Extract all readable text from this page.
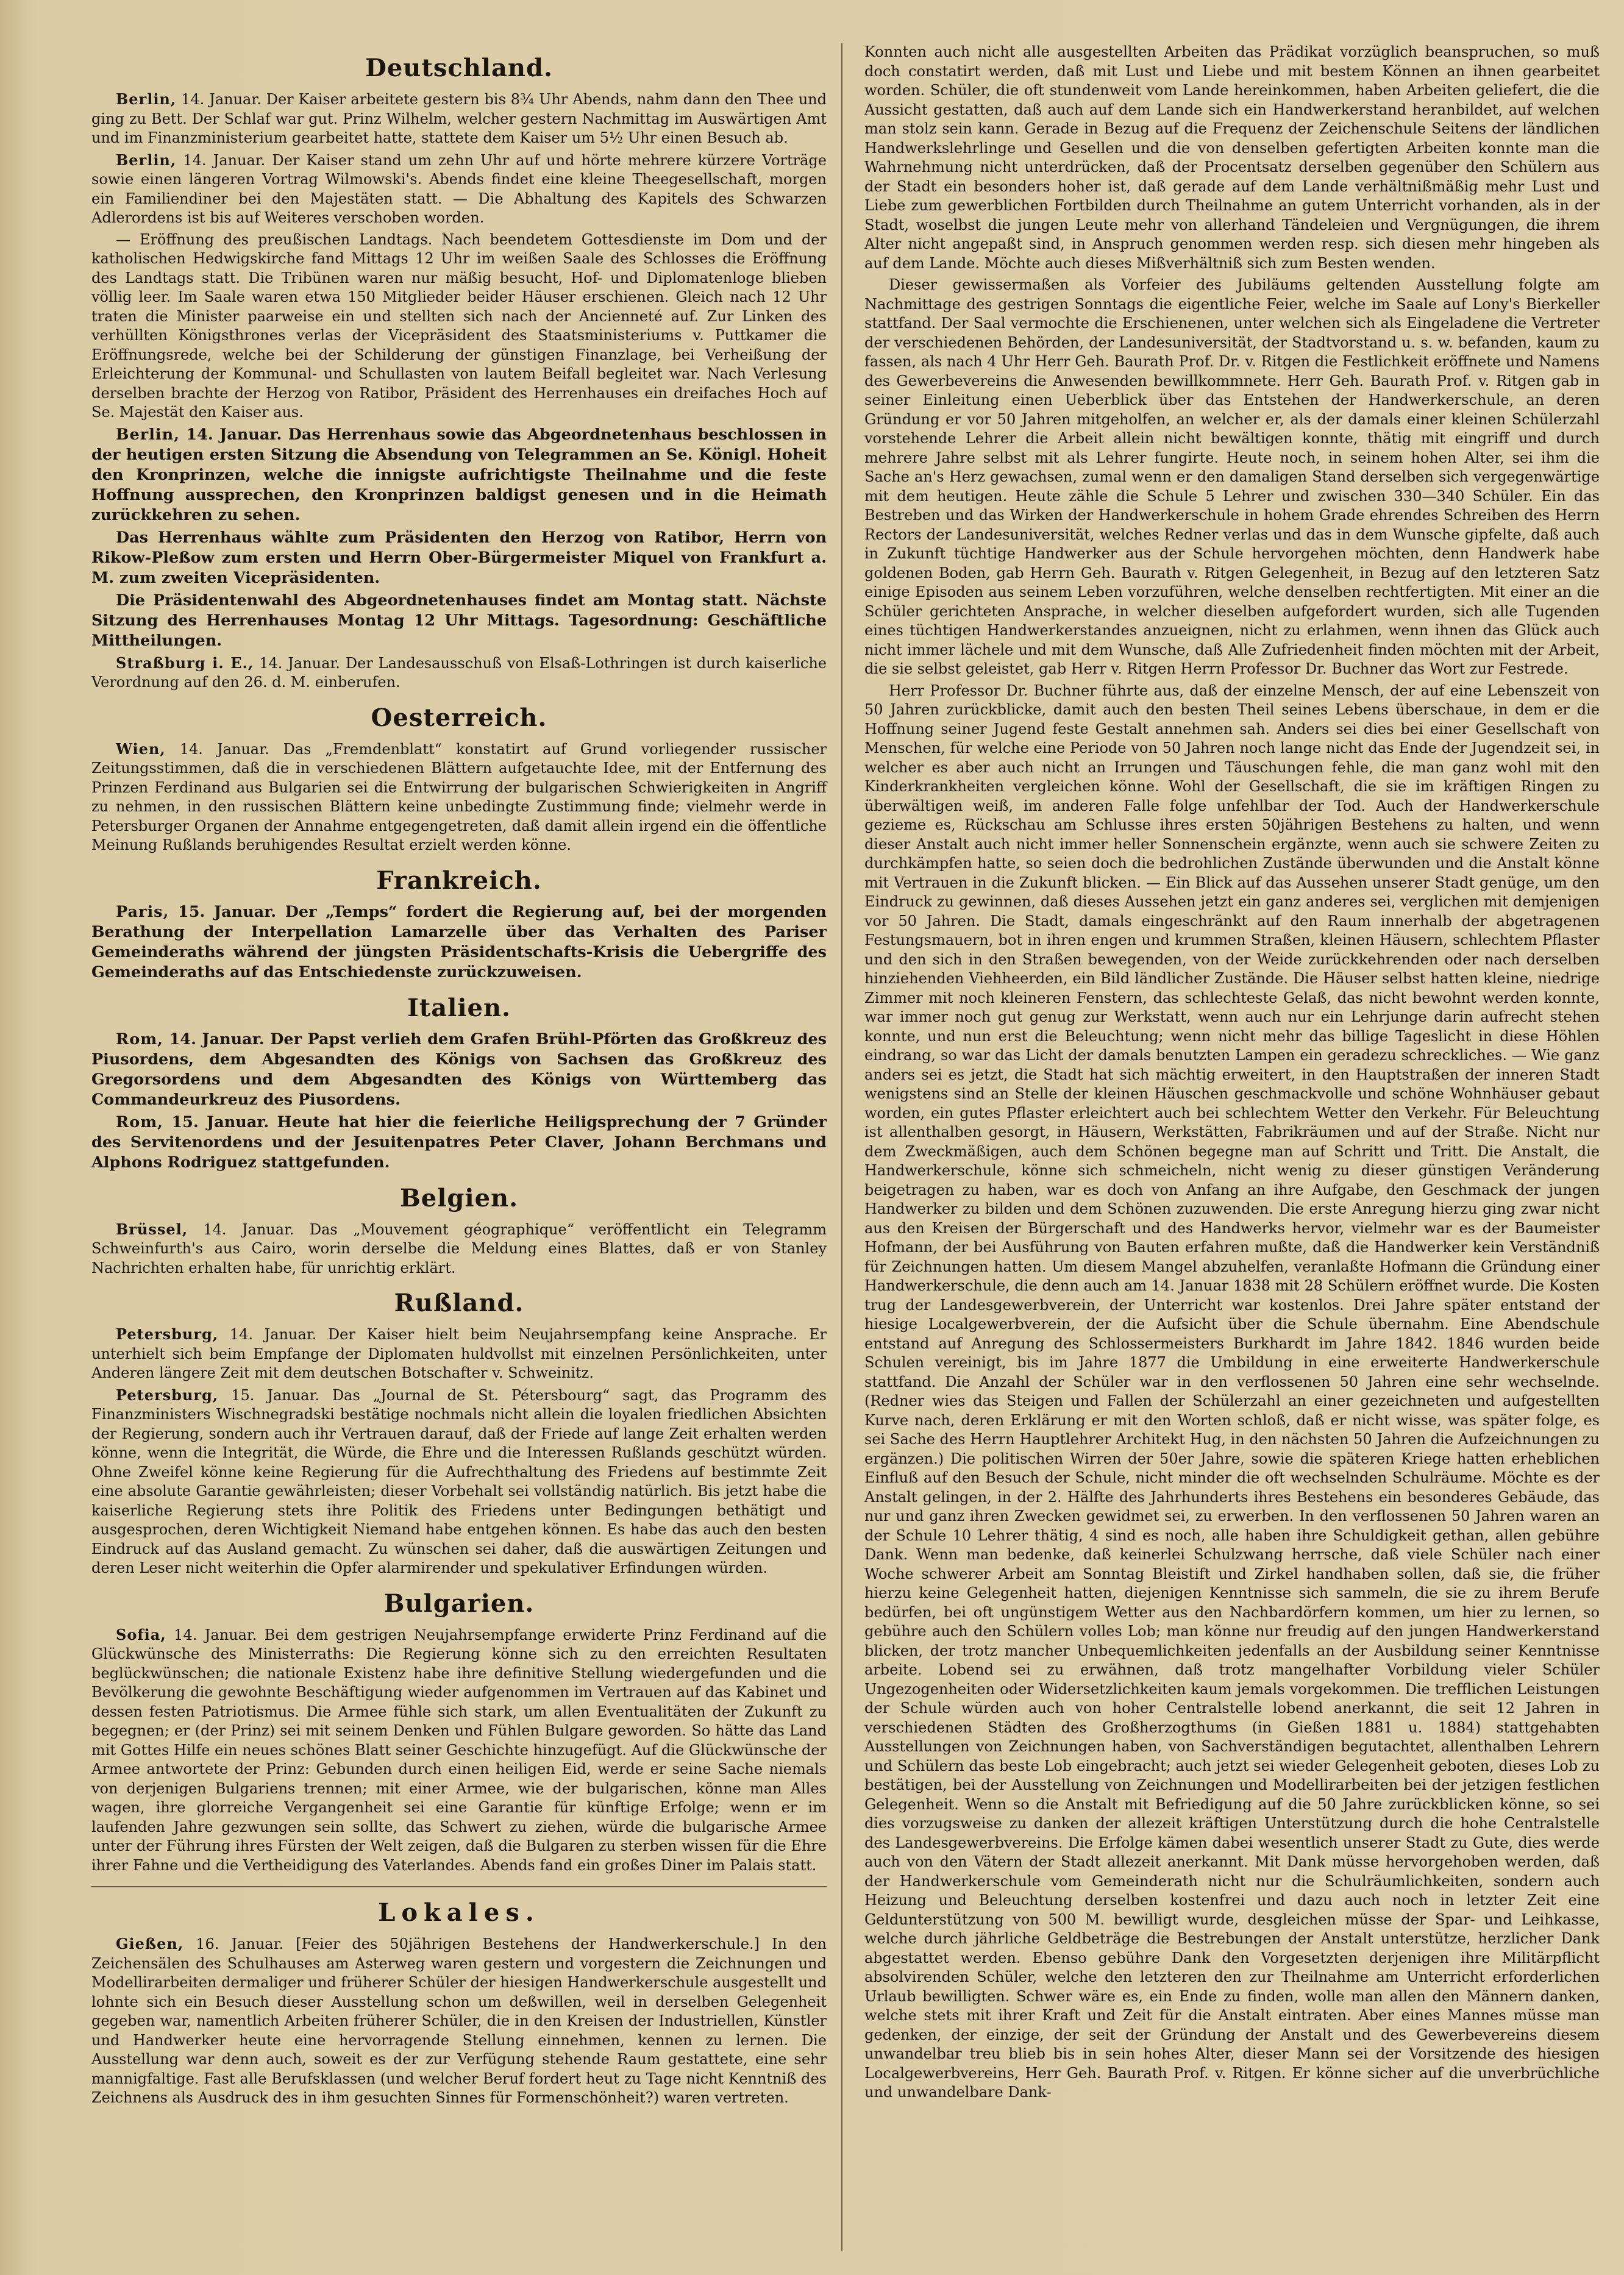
Deutschland.

Berlin, 14. Januar. Der Kaiser arbeitete gestern bis 8¾ Uhr Abends, nahm dann den Thee und ging zu Bett. Der Schlaf war gut. Prinz Wilhelm, welcher gestern Nachmittag im Auswärtigen Amt und im Finanzministerium gearbeitet hatte, stattete dem Kaiser um 5½ Uhr einen Besuch ab.

Berlin, 14. Januar. Der Kaiser stand um zehn Uhr auf und hörte mehrere kürzere Vorträge sowie einen längeren Vortrag Wilmowski's. Abends findet eine kleine Theegesellschaft, morgen ein Familiendiner bei den Majestäten statt. — Die Abhaltung des Kapitels des Schwarzen Adlerordens ist bis auf Weiteres verschoben worden.

— Eröffnung des preußischen Landtags. Nach beendetem Gottesdienste im Dom und der katholischen Hedwigskirche fand Mittags 12 Uhr im weißen Saale des Schlosses die Eröffnung des Landtags statt. Die Tribünen waren nur mäßig besucht, Hof- und Diplomatenloge blieben völlig leer. Im Saale waren etwa 150 Mitglieder beider Häuser erschienen. Gleich nach 12 Uhr traten die Minister paarweise ein und stellten sich nach der Ancienneté auf. Zur Linken des verhüllten Königsthrones verlas der Vicepräsident des Staatsministeriums v. Puttkamer die Eröffnungsrede, welche bei der Schilderung der günstigen Finanzlage, bei Verheißung der Erleichterung der Kommunal- und Schullasten von lautem Beifall begleitet war. Nach Verlesung derselben brachte der Herzog von Ratibor, Präsident des Herrenhauses ein dreifaches Hoch auf Se. Majestät den Kaiser aus.

Berlin, 14. Januar. Das Herrenhaus sowie das Abgeordnetenhaus beschlossen in der heutigen ersten Sitzung die Absendung von Telegrammen an Se. Königl. Hoheit den Kronprinzen, welche die innigste aufrichtigste Theilnahme und die feste Hoffnung aussprechen, den Kronprinzen baldigst genesen und in die Heimath zurückkehren zu sehen.

Das Herrenhaus wählte zum Präsidenten den Herzog von Ratibor, Herrn von Rikow-Pleßow zum ersten und Herrn Ober-Bürgermeister Miquel von Frankfurt a. M. zum zweiten Vicepräsidenten.

Die Präsidentenwahl des Abgeordnetenhauses findet am Montag statt. Nächste Sitzung des Herrenhauses Montag 12 Uhr Mittags. Tagesordnung: Geschäftliche Mittheilungen.

Straßburg i. E., 14. Januar. Der Landesausschuß von Elsaß-Lothringen ist durch kaiserliche Verordnung auf den 26. d. M. einberufen.

Oesterreich.

Wien, 14. Januar. Das „Fremdenblatt“ konstatirt auf Grund vorliegender russischer Zeitungsstimmen, daß die in verschiedenen Blättern aufgetauchte Idee, mit der Entfernung des Prinzen Ferdinand aus Bulgarien sei die Entwirrung der bulgarischen Schwierigkeiten in Angriff zu nehmen, in den russischen Blättern keine unbedingte Zustimmung finde; vielmehr werde in Petersburger Organen der Annahme entgegengetreten, daß damit allein irgend ein die öffentliche Meinung Rußlands beruhigendes Resultat erzielt werden könne.

Frankreich.

Paris, 15. Januar. Der „Temps“ fordert die Regierung auf, bei der morgenden Berathung der Interpellation Lamarzelle über das Verhalten des Pariser Gemeinderaths während der jüngsten Präsidentschafts-Krisis die Uebergriffe des Gemeinderaths auf das Entschiedenste zurückzuweisen.

Italien.

Rom, 14. Januar. Der Papst verlieh dem Grafen Brühl-Pförten das Großkreuz des Piusordens, dem Abgesandten des Königs von Sachsen das Großkreuz des Gregorsordens und dem Abgesandten des Königs von Württemberg das Commandeurkreuz des Piusordens.

Rom, 15. Januar. Heute hat hier die feierliche Heiligsprechung der 7 Gründer des Servitenordens und der Jesuitenpatres Peter Claver, Johann Berchmans und Alphons Rodriguez stattgefunden.

Belgien.

Brüssel, 14. Januar. Das „Mouvement géographique“ veröffentlicht ein Telegramm Schweinfurth's aus Cairo, worin derselbe die Meldung eines Blattes, daß er von Stanley Nachrichten erhalten habe, für unrichtig erklärt.

Rußland.

Petersburg, 14. Januar. Der Kaiser hielt beim Neujahrsempfang keine Ansprache. Er unterhielt sich beim Empfange der Diplomaten huldvollst mit einzelnen Persönlichkeiten, unter Anderen längere Zeit mit dem deutschen Botschafter v. Schweinitz.

Petersburg, 15. Januar. Das „Journal de St. Pétersbourg“ sagt, das Programm des Finanzministers Wischnegradski bestätige nochmals nicht allein die loyalen friedlichen Absichten der Regierung, sondern auch ihr Vertrauen darauf, daß der Friede auf lange Zeit erhalten werden könne, wenn die Integrität, die Würde, die Ehre und die Interessen Rußlands geschützt würden. Ohne Zweifel könne keine Regierung für die Aufrechthaltung des Friedens auf bestimmte Zeit eine absolute Garantie gewährleisten; dieser Vorbehalt sei vollständig natürlich. Bis jetzt habe die kaiserliche Regierung stets ihre Politik des Friedens unter Bedingungen bethätigt und ausgesprochen, deren Wichtigkeit Niemand habe entgehen können. Es habe das auch den besten Eindruck auf das Ausland gemacht. Zu wünschen sei daher, daß die auswärtigen Zeitungen und deren Leser nicht weiterhin die Opfer alarmirender und spekulativer Erfindungen würden.

Bulgarien.

Sofia, 14. Januar. Bei dem gestrigen Neujahrsempfange erwiderte Prinz Ferdinand auf die Glückwünsche des Ministerraths: Die Regierung könne sich zu den erreichten Resultaten beglückwünschen; die nationale Existenz habe ihre definitive Stellung wiedergefunden und die Bevölkerung die gewohnte Beschäftigung wieder aufgenommen im Vertrauen auf das Kabinet und dessen festen Patriotismus. Die Armee fühle sich stark, um allen Eventualitäten der Zukunft zu begegnen; er (der Prinz) sei mit seinem Denken und Fühlen Bulgare geworden. So hätte das Land mit Gottes Hilfe ein neues schönes Blatt seiner Geschichte hinzugefügt. Auf die Glückwünsche der Armee antwortete der Prinz: Gebunden durch einen heiligen Eid, werde er seine Sache niemals von derjenigen Bulgariens trennen; mit einer Armee, wie der bulgarischen, könne man Alles wagen, ihre glorreiche Vergangenheit sei eine Garantie für künftige Erfolge; wenn er im laufenden Jahre gezwungen sein sollte, das Schwert zu ziehen, würde die bulgarische Armee unter der Führung ihres Fürsten der Welt zeigen, daß die Bulgaren zu sterben wissen für die Ehre ihrer Fahne und die Vertheidigung des Vaterlandes. Abends fand ein großes Diner im Palais statt.

Lokales.

Gießen, 16. Januar. [Feier des 50jährigen Bestehens der Handwerkerschule.] In den Zeichensälen des Schulhauses am Asterweg waren gestern und vorgestern die Zeichnungen und Modellirarbeiten dermaliger und früherer Schüler der hiesigen Handwerkerschule ausgestellt und lohnte sich ein Besuch dieser Ausstellung schon um deßwillen, weil in derselben Gelegenheit gegeben war, namentlich Arbeiten früherer Schüler, die in den Kreisen der Industriellen, Künstler und Handwerker heute eine hervorragende Stellung einnehmen, kennen zu lernen. Die Ausstellung war denn auch, soweit es der zur Verfügung stehende Raum gestattete, eine sehr mannigfaltige. Fast alle Berufsklassen (und welcher Beruf fordert heut zu Tage nicht Kenntniß des Zeichnens als Ausdruck des in ihm gesuchten Sinnes für Formenschönheit?) waren vertreten.

Konnten auch nicht alle ausgestellten Arbeiten das Prädikat vorzüglich beanspruchen, so muß doch constatirt werden, daß mit Lust und Liebe und mit bestem Können an ihnen gearbeitet worden. Schüler, die oft stundenweit vom Lande hereinkommen, haben Arbeiten geliefert, die die Aussicht gestatten, daß auch auf dem Lande sich ein Handwerkerstand heranbildet, auf welchen man stolz sein kann. Gerade in Bezug auf die Frequenz der Zeichenschule Seitens der ländlichen Handwerkslehrlinge und Gesellen und die von denselben gefertigten Arbeiten konnte man die Wahrnehmung nicht unterdrücken, daß der Procentsatz derselben gegenüber den Schülern aus der Stadt ein besonders hoher ist, daß gerade auf dem Lande verhältnißmäßig mehr Lust und Liebe zum gewerblichen Fortbilden durch Theilnahme an gutem Unterricht vorhanden, als in der Stadt, woselbst die jungen Leute mehr von allerhand Tändeleien und Vergnügungen, die ihrem Alter nicht angepaßt sind, in Anspruch genommen werden resp. sich diesen mehr hingeben als auf dem Lande. Möchte auch dieses Mißverhältniß sich zum Besten wenden.

Dieser gewissermaßen als Vorfeier des Jubiläums geltenden Ausstellung folgte am Nachmittage des gestrigen Sonntags die eigentliche Feier, welche im Saale auf Lony's Bierkeller stattfand. Der Saal vermochte die Erschienenen, unter welchen sich als Eingeladene die Vertreter der verschiedenen Behörden, der Landesuniversität, der Stadtvorstand u. s. w. befanden, kaum zu fassen, als nach 4 Uhr Herr Geh. Baurath Prof. Dr. v. Ritgen die Festlichkeit eröffnete und Namens des Gewerbevereins die Anwesenden bewillkommnete. Herr Geh. Baurath Prof. v. Ritgen gab in seiner Einleitung einen Ueberblick über das Entstehen der Handwerkerschule, an deren Gründung er vor 50 Jahren mitgeholfen, an welcher er, als der damals einer kleinen Schülerzahl vorstehende Lehrer die Arbeit allein nicht bewältigen konnte, thätig mit eingriff und durch mehrere Jahre selbst mit als Lehrer fungirte. Heute noch, in seinem hohen Alter, sei ihm die Sache an's Herz gewachsen, zumal wenn er den damaligen Stand derselben sich vergegenwärtige mit dem heutigen. Heute zähle die Schule 5 Lehrer und zwischen 330—340 Schüler. Ein das Bestreben und das Wirken der Handwerkerschule in hohem Grade ehrendes Schreiben des Herrn Rectors der Landesuniversität, welches Redner verlas und das in dem Wunsche gipfelte, daß auch in Zukunft tüchtige Handwerker aus der Schule hervorgehen möchten, denn Handwerk habe goldenen Boden, gab Herrn Geh. Baurath v. Ritgen Gelegenheit, in Bezug auf den letzteren Satz einige Episoden aus seinem Leben vorzuführen, welche denselben rechtfertigten. Mit einer an die Schüler gerichteten Ansprache, in welcher dieselben aufgefordert wurden, sich alle Tugenden eines tüchtigen Handwerkerstandes anzueignen, nicht zu erlahmen, wenn ihnen das Glück auch nicht immer lächele und mit dem Wunsche, daß Alle Zufriedenheit finden möchten mit der Arbeit, die sie selbst geleistet, gab Herr v. Ritgen Herrn Professor Dr. Buchner das Wort zur Festrede.

Herr Professor Dr. Buchner führte aus, daß der einzelne Mensch, der auf eine Lebenszeit von 50 Jahren zurückblicke, damit auch den besten Theil seines Lebens überschaue, in dem er die Hoffnung seiner Jugend feste Gestalt annehmen sah. Anders sei dies bei einer Gesellschaft von Menschen, für welche eine Periode von 50 Jahren noch lange nicht das Ende der Jugendzeit sei, in welcher es aber auch nicht an Irrungen und Täuschungen fehle, die man ganz wohl mit den Kinderkrankheiten vergleichen könne. Wohl der Gesellschaft, die sie im kräftigen Ringen zu überwältigen weiß, im anderen Falle folge unfehlbar der Tod. Auch der Handwerkerschule gezieme es, Rückschau am Schlusse ihres ersten 50jährigen Bestehens zu halten, und wenn dieser Anstalt auch nicht immer heller Sonnenschein ergänzte, wenn auch sie schwere Zeiten zu durchkämpfen hatte, so seien doch die bedrohlichen Zustände überwunden und die Anstalt könne mit Vertrauen in die Zukunft blicken. — Ein Blick auf das Aussehen unserer Stadt genüge, um den Eindruck zu gewinnen, daß dieses Aussehen jetzt ein ganz anderes sei, verglichen mit demjenigen vor 50 Jahren. Die Stadt, damals eingeschränkt auf den Raum innerhalb der abgetragenen Festungsmauern, bot in ihren engen und krummen Straßen, kleinen Häusern, schlechtem Pflaster und den sich in den Straßen bewegenden, von der Weide zurückkehrenden oder nach derselben hinziehenden Viehheerden, ein Bild ländlicher Zustände. Die Häuser selbst hatten kleine, niedrige Zimmer mit noch kleineren Fenstern, das schlechteste Gelaß, das nicht bewohnt werden konnte, war immer noch gut genug zur Werkstatt, wenn auch nur ein Lehrjunge darin aufrecht stehen konnte, und nun erst die Beleuchtung; wenn nicht mehr das billige Tageslicht in diese Höhlen eindrang, so war das Licht der damals benutzten Lampen ein geradezu schreckliches. — Wie ganz anders sei es jetzt, die Stadt hat sich mächtig erweitert, in den Hauptstraßen der inneren Stadt wenigstens sind an Stelle der kleinen Häuschen geschmackvolle und schöne Wohnhäuser gebaut worden, ein gutes Pflaster erleichtert auch bei schlechtem Wetter den Verkehr. Für Beleuchtung ist allenthalben gesorgt, in Häusern, Werkstätten, Fabrikräumen und auf der Straße. Nicht nur dem Zweckmäßigen, auch dem Schönen begegne man auf Schritt und Tritt. Die Anstalt, die Handwerkerschule, könne sich schmeicheln, nicht wenig zu dieser günstigen Veränderung beigetragen zu haben, war es doch von Anfang an ihre Aufgabe, den Geschmack der jungen Handwerker zu bilden und dem Schönen zuzuwenden. Die erste Anregung hierzu ging zwar nicht aus den Kreisen der Bürgerschaft und des Handwerks hervor, vielmehr war es der Baumeister Hofmann, der bei Ausführung von Bauten erfahren mußte, daß die Handwerker kein Verständniß für Zeichnungen hatten. Um diesem Mangel abzuhelfen, veranlaßte Hofmann die Gründung einer Handwerkerschule, die denn auch am 14. Januar 1838 mit 28 Schülern eröffnet wurde. Die Kosten trug der Landesgewerbverein, der Unterricht war kostenlos. Drei Jahre später entstand der hiesige Localgewerbverein, der die Aufsicht über die Schule übernahm. Eine Abendschule entstand auf Anregung des Schlossermeisters Burkhardt im Jahre 1842. 1846 wurden beide Schulen vereinigt, bis im Jahre 1877 die Umbildung in eine erweiterte Handwerkerschule stattfand. Die Anzahl der Schüler war in den verflossenen 50 Jahren eine sehr wechselnde. (Redner wies das Steigen und Fallen der Schülerzahl an einer gezeichneten und aufgestellten Kurve nach, deren Erklärung er mit den Worten schloß, daß er nicht wisse, was später folge, es sei Sache des Herrn Hauptlehrer Architekt Hug, in den nächsten 50 Jahren die Aufzeichnungen zu ergänzen.) Die politischen Wirren der 50er Jahre, sowie die späteren Kriege hatten erheblichen Einfluß auf den Besuch der Schule, nicht minder die oft wechselnden Schulräume. Möchte es der Anstalt gelingen, in der 2. Hälfte des Jahrhunderts ihres Bestehens ein besonderes Gebäude, das nur und ganz ihren Zwecken gewidmet sei, zu erwerben. In den verflossenen 50 Jahren waren an der Schule 10 Lehrer thätig, 4 sind es noch, alle haben ihre Schuldigkeit gethan, allen gebühre Dank. Wenn man bedenke, daß keinerlei Schulzwang herrsche, daß viele Schüler nach einer Woche schwerer Arbeit am Sonntag Bleistift und Zirkel handhaben sollen, daß sie, die früher hierzu keine Gelegenheit hatten, diejenigen Kenntnisse sich sammeln, die sie zu ihrem Berufe bedürfen, bei oft ungünstigem Wetter aus den Nachbardörfern kommen, um hier zu lernen, so gebühre auch den Schülern volles Lob; man könne nur freudig auf den jungen Handwerkerstand blicken, der trotz mancher Unbequemlichkeiten jedenfalls an der Ausbildung seiner Kenntnisse arbeite. Lobend sei zu erwähnen, daß trotz mangelhafter Vorbildung vieler Schüler Ungezogenheiten oder Widersetzlichkeiten kaum jemals vorgekommen. Die trefflichen Leistungen der Schule würden auch von hoher Centralstelle lobend anerkannt, die seit 12 Jahren in verschiedenen Städten des Großherzogthums (in Gießen 1881 u. 1884) stattgehabten Ausstellungen von Zeichnungen haben, von Sachverständigen begutachtet, allenthalben Lehrern und Schülern das beste Lob eingebracht; auch jetzt sei wieder Gelegenheit geboten, dieses Lob zu bestätigen, bei der Ausstellung von Zeichnungen und Modellirarbeiten bei der jetzigen festlichen Gelegenheit. Wenn so die Anstalt mit Befriedigung auf die 50 Jahre zurückblicken könne, so sei dies vorzugsweise zu danken der allezeit kräftigen Unterstützung durch die hohe Centralstelle des Landesgewerbvereins. Die Erfolge kämen dabei wesentlich unserer Stadt zu Gute, dies werde auch von den Vätern der Stadt allezeit anerkannt. Mit Dank müsse hervorgehoben werden, daß der Handwerkerschule vom Gemeinderath nicht nur die Schulräumlichkeiten, sondern auch Heizung und Beleuchtung derselben kostenfrei und dazu auch noch in letzter Zeit eine Geldunterstützung von 500 M. bewilligt wurde, desgleichen müsse der Spar- und Leihkasse, welche durch jährliche Geldbeträge die Bestrebungen der Anstalt unterstütze, herzlicher Dank abgestattet werden. Ebenso gebühre Dank den Vorgesetzten derjenigen ihre Militärpflicht absolvirenden Schüler, welche den letzteren den zur Theilnahme am Unterricht erforderlichen Urlaub bewilligten. Schwer wäre es, ein Ende zu finden, wolle man allen den Männern danken, welche stets mit ihrer Kraft und Zeit für die Anstalt eintraten. Aber eines Mannes müsse man gedenken, der einzige, der seit der Gründung der Anstalt und des Gewerbevereins diesem unwandelbar treu blieb bis in sein hohes Alter, dieser Mann sei der Vorsitzende des hiesigen Localgewerbvereins, Herr Geh. Baurath Prof. v. Ritgen. Er könne sicher auf die unverbrüchliche und unwandelbare Dank-
